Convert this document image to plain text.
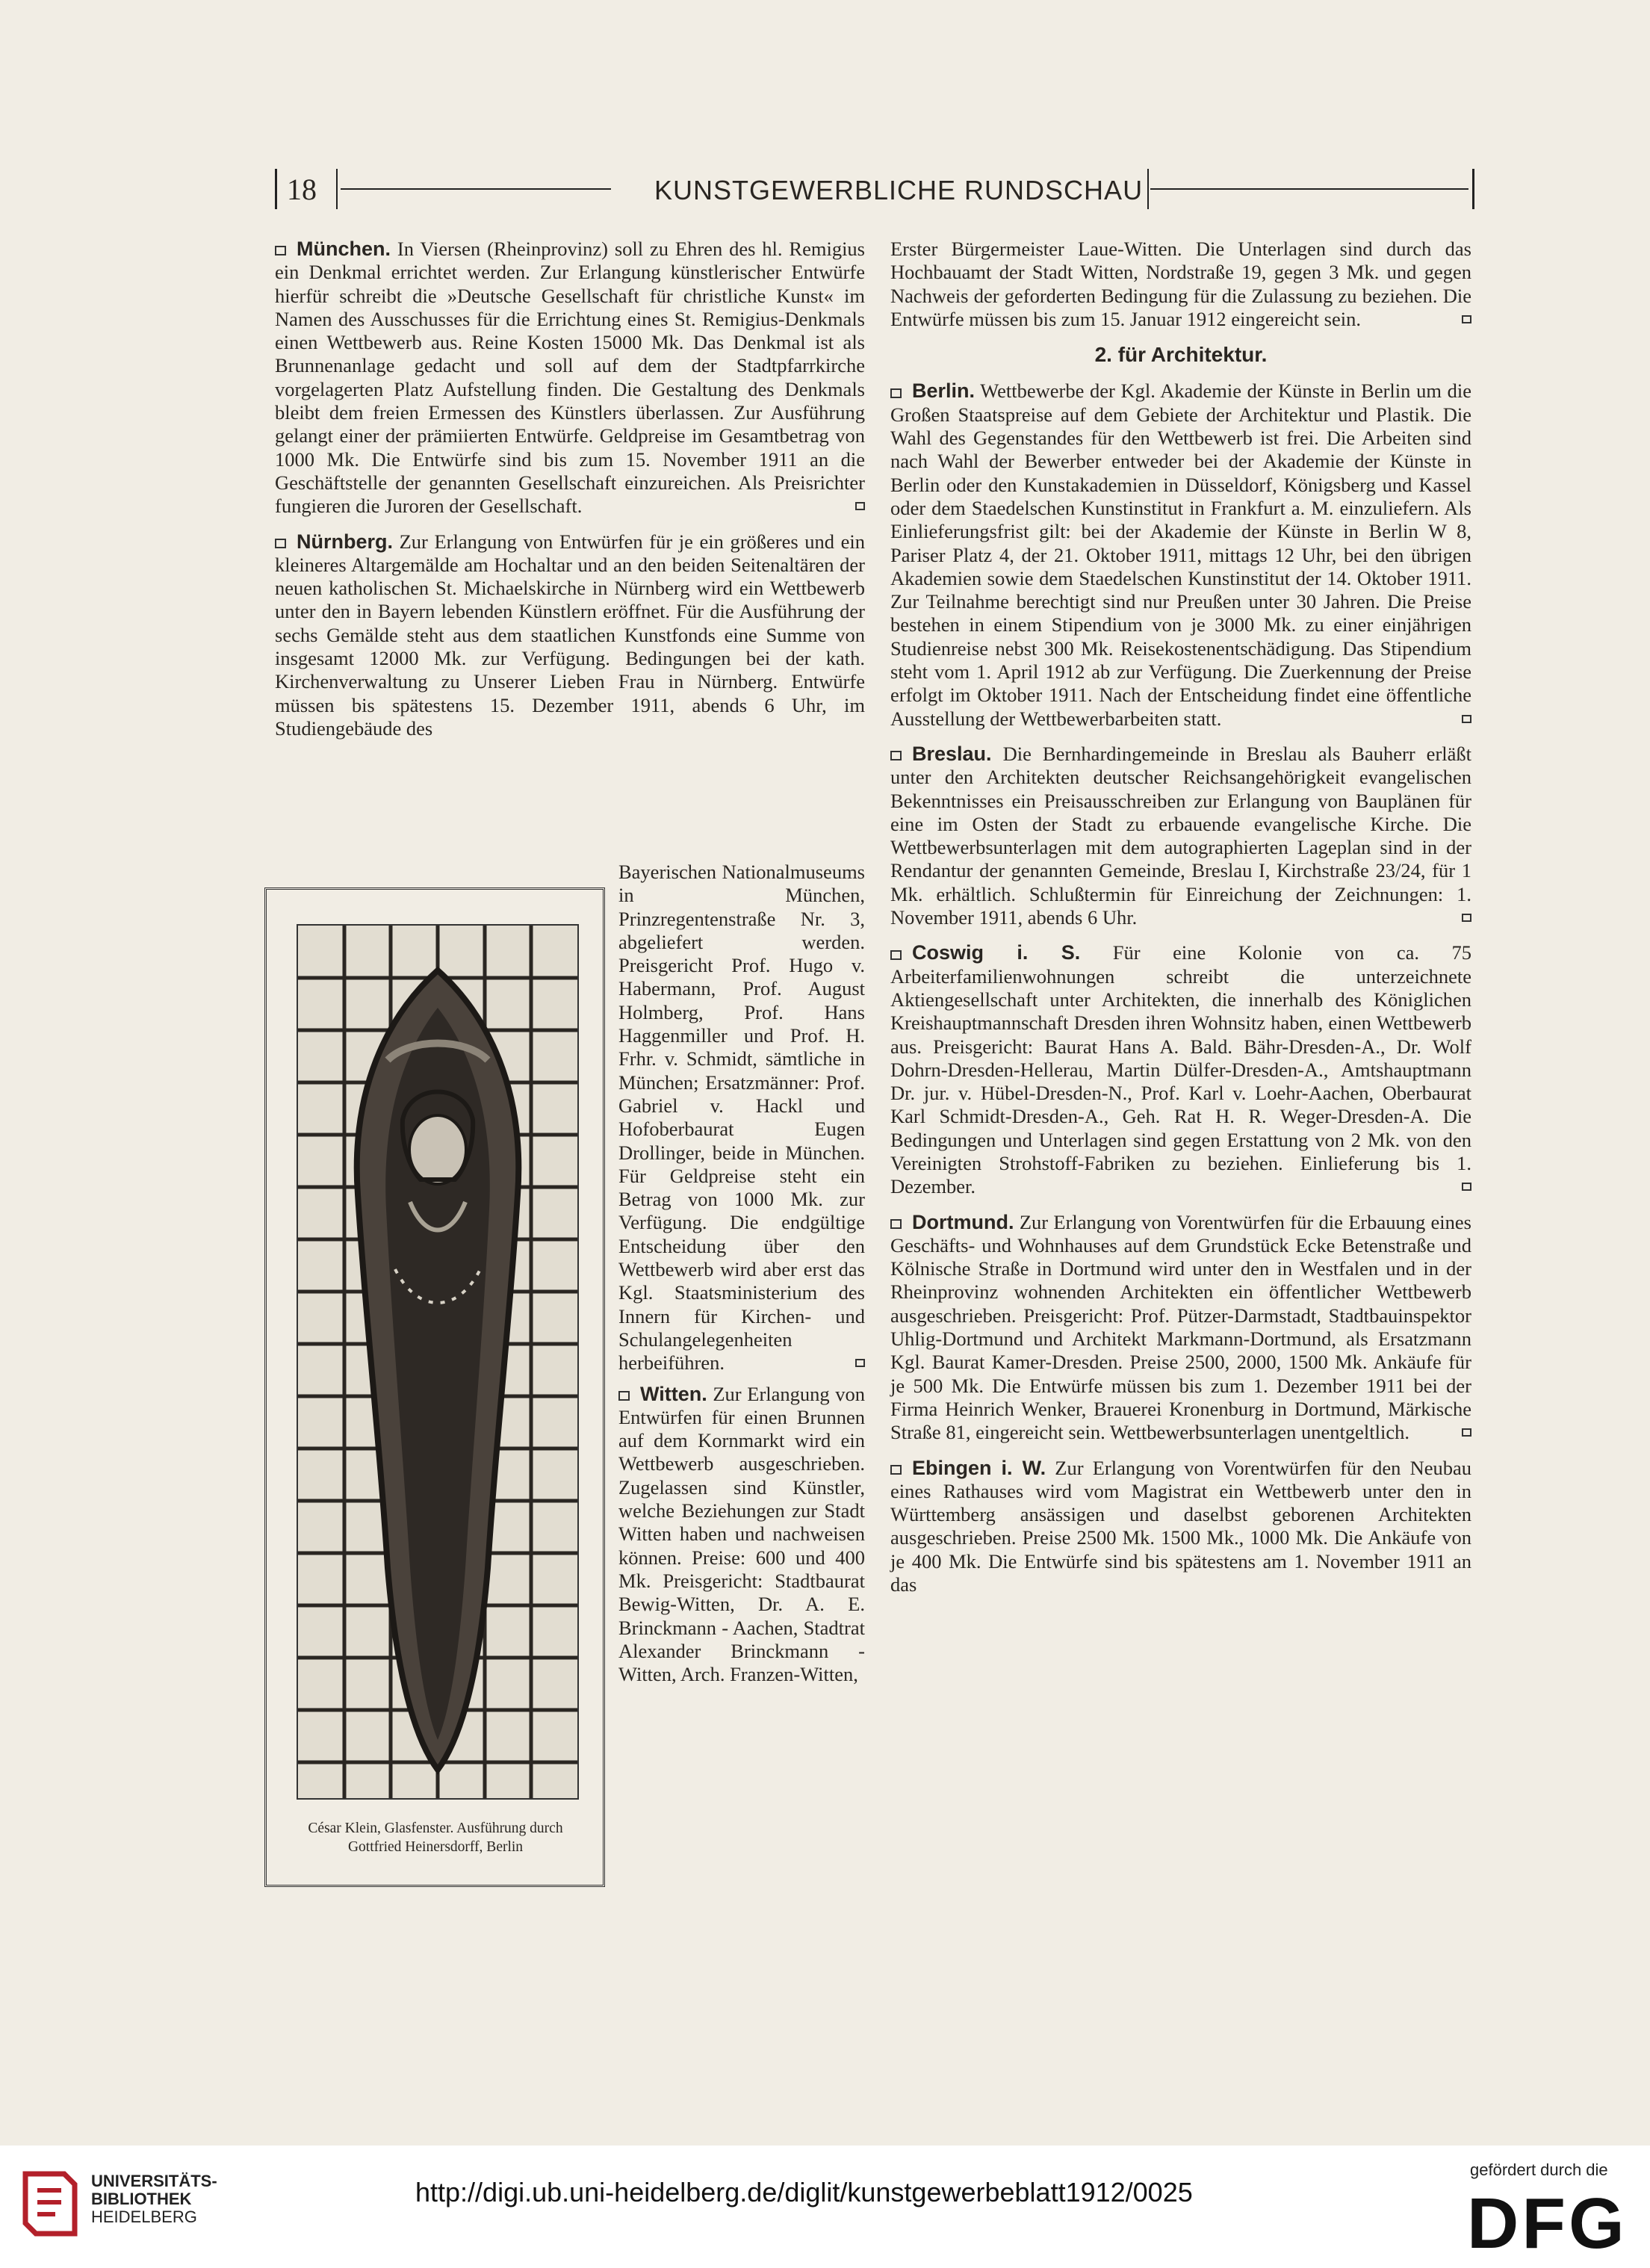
18	KUNSTGEWERBLICHE RUNDSCHAU

München. In Viersen (Rheinprovinz) soll zu Ehren des hl. Remigius ein Denkmal errichtet werden. Zur Erlangung künstlerischer Entwürfe hierfür schreibt die »Deutsche Gesellschaft für christliche Kunst« im Namen des Ausschusses für die Errichtung eines St. Remigius-Denkmals einen Wettbewerb aus. Reine Kosten 15000 Mk. Das Denkmal ist als Brunnenanlage gedacht und soll auf dem der Stadtpfarrkirche vorgelagerten Platz Aufstellung finden. Die Gestaltung des Denkmals bleibt dem freien Ermessen des Künstlers überlassen. Zur Ausführung gelangt einer der prämiierten Entwürfe. Geldpreise im Gesamtbetrag von 1000 Mk. Die Entwürfe sind bis zum 15. November 1911 an die Geschäftstelle der genannten Gesellschaft einzureichen. Als Preisrichter fungieren die Juroren der Gesellschaft.

Nürnberg. Zur Erlangung von Entwürfen für je ein größeres und ein kleineres Altargemälde am Hochaltar und an den beiden Seitenaltären der neuen katholischen St. Michaelskirche in Nürnberg wird ein Wettbewerb unter den in Bayern lebenden Künstlern eröffnet. Für die Ausführung der sechs Gemälde steht aus dem staatlichen Kunstfonds eine Summe von insgesamt 12000 Mk. zur Verfügung. Bedingungen bei der kath. Kirchenverwaltung zu Unserer Lieben Frau in Nürnberg. Entwürfe müssen bis spätestens 15. Dezember 1911, abends 6 Uhr, im Studiengebäude des

César Klein, Glasfenster. Ausführung durch Gottfried Heinersdorff, Berlin

Bayerischen Nationalmuseums in München, Prinzregentenstraße Nr. 3, abgeliefert werden. Preisgericht Prof. Hugo v. Habermann, Prof. August Holmberg, Prof. Hans Haggenmiller und Prof. H. Frhr. v. Schmidt, sämtliche in München; Ersatzmänner: Prof. Gabriel v. Hackl und Hofoberbaurat Eugen Drollinger, beide in München. Für Geldpreise steht ein Betrag von 1000 Mk. zur Verfügung. Die endgültige Entscheidung über den Wettbewerb wird aber erst das Kgl. Staatsministerium des Innern für Kirchen- und Schulangelegenheiten herbeiführen.

Witten. Zur Erlangung von Entwürfen für einen Brunnen auf dem Kornmarkt wird ein Wettbewerb ausgeschrieben. Zugelassen sind Künstler, welche Beziehungen zur Stadt Witten haben und nachweisen können. Preise: 600 und 400 Mk. Preisgericht: Stadtbaurat Bewig-Witten, Dr. A. E. Brinckmann - Aachen, Stadtrat Alexander Brinckmann - Witten, Arch. Franzen-Witten,

Erster Bürgermeister Laue-Witten. Die Unterlagen sind durch das Hochbauamt der Stadt Witten, Nordstraße 19, gegen 3 Mk. und gegen Nachweis der geforderten Bedingung für die Zulassung zu beziehen. Die Entwürfe müssen bis zum 15. Januar 1912 eingereicht sein.

2. für Architektur.

Berlin. Wettbewerbe der Kgl. Akademie der Künste in Berlin um die Großen Staatspreise auf dem Gebiete der Architektur und Plastik. Die Wahl des Gegenstandes für den Wettbewerb ist frei. Die Arbeiten sind nach Wahl der Bewerber entweder bei der Akademie der Künste in Berlin oder den Kunstakademien in Düsseldorf, Königsberg und Kassel oder dem Staedelschen Kunstinstitut in Frankfurt a. M. einzuliefern. Als Einlieferungsfrist gilt: bei der Akademie der Künste in Berlin W 8, Pariser Platz 4, der 21. Oktober 1911, mittags 12 Uhr, bei den übrigen Akademien sowie dem Staedelschen Kunstinstitut der 14. Oktober 1911. Zur Teilnahme berechtigt sind nur Preußen unter 30 Jahren. Die Preise bestehen in einem Stipendium von je 3000 Mk. zu einer einjährigen Studienreise nebst 300 Mk. Reisekostenentschädigung. Das Stipendium steht vom 1. April 1912 ab zur Verfügung. Die Zuerkennung der Preise erfolgt im Oktober 1911. Nach der Entscheidung findet eine öffentliche Ausstellung der Wettbewerbarbeiten statt.

Breslau. Die Bernhardingemeinde in Breslau als Bauherr erläßt unter den Architekten deutscher Reichsangehörigkeit evangelischen Bekenntnisses ein Preisausschreiben zur Erlangung von Bauplänen für eine im Osten der Stadt zu erbauende evangelische Kirche. Die Wettbewerbsunterlagen mit dem autographierten Lageplan sind in der Rendantur der genannten Gemeinde, Breslau I, Kirchstraße 23/24, für 1 Mk. erhältlich. Schlußtermin für Einreichung der Zeichnungen: 1. November 1911, abends 6 Uhr.

Coswig i. S. Für eine Kolonie von ca. 75 Arbeiterfamilienwohnungen schreibt die unterzeichnete Aktiengesellschaft unter Architekten, die innerhalb des Königlichen Kreishauptmannschaft Dresden ihren Wohnsitz haben, einen Wettbewerb aus. Preisgericht: Baurat Hans A. Bald. Bähr-Dresden-A., Dr. Wolf Dohrn-Dresden-Hellerau, Martin Dülfer-Dresden-A., Amtshauptmann Dr. jur. v. Hübel-Dresden-N., Prof. Karl v. Loehr-Aachen, Oberbaurat Karl Schmidt-Dresden-A., Geh. Rat H. R. Weger-Dresden-A. Die Bedingungen und Unterlagen sind gegen Erstattung von 2 Mk. von den Vereinigten Strohstoff-Fabriken zu beziehen. Einlieferung bis 1. Dezember.

Dortmund. Zur Erlangung von Vorentwürfen für die Erbauung eines Geschäfts- und Wohnhauses auf dem Grundstück Ecke Betenstraße und Kölnische Straße in Dortmund wird unter den in Westfalen und in der Rheinprovinz wohnenden Architekten ein öffentlicher Wettbewerb ausgeschrieben. Preisgericht: Prof. Pützer-Darmstadt, Stadtbauinspektor Uhlig-Dortmund und Architekt Markmann-Dortmund, als Ersatzmann Kgl. Baurat Kamer-Dresden. Preise 2500, 2000, 1500 Mk. Ankäufe für je 500 Mk. Die Entwürfe müssen bis zum 1. Dezember 1911 bei der Firma Heinrich Wenker, Brauerei Kronenburg in Dortmund, Märkische Straße 81, eingereicht sein. Wettbewerbsunterlagen unentgeltlich.

Ebingen i. W. Zur Erlangung von Vorentwürfen für den Neubau eines Rathauses wird vom Magistrat ein Wettbewerb unter den in Württemberg ansässigen und daselbst geborenen Architekten ausgeschrieben. Preise 2500 Mk. 1500 Mk., 1000 Mk. Die Ankäufe von je 400 Mk. Die Entwürfe sind bis spätestens am 1. November 1911 an das

UNIVERSITÄTS-
BIBLIOTHEK
HEIDELBERG
http://digi.ub.uni-heidelberg.de/diglit/kunstgewerbeblatt1912/0025
gefördert durch die
DFG
